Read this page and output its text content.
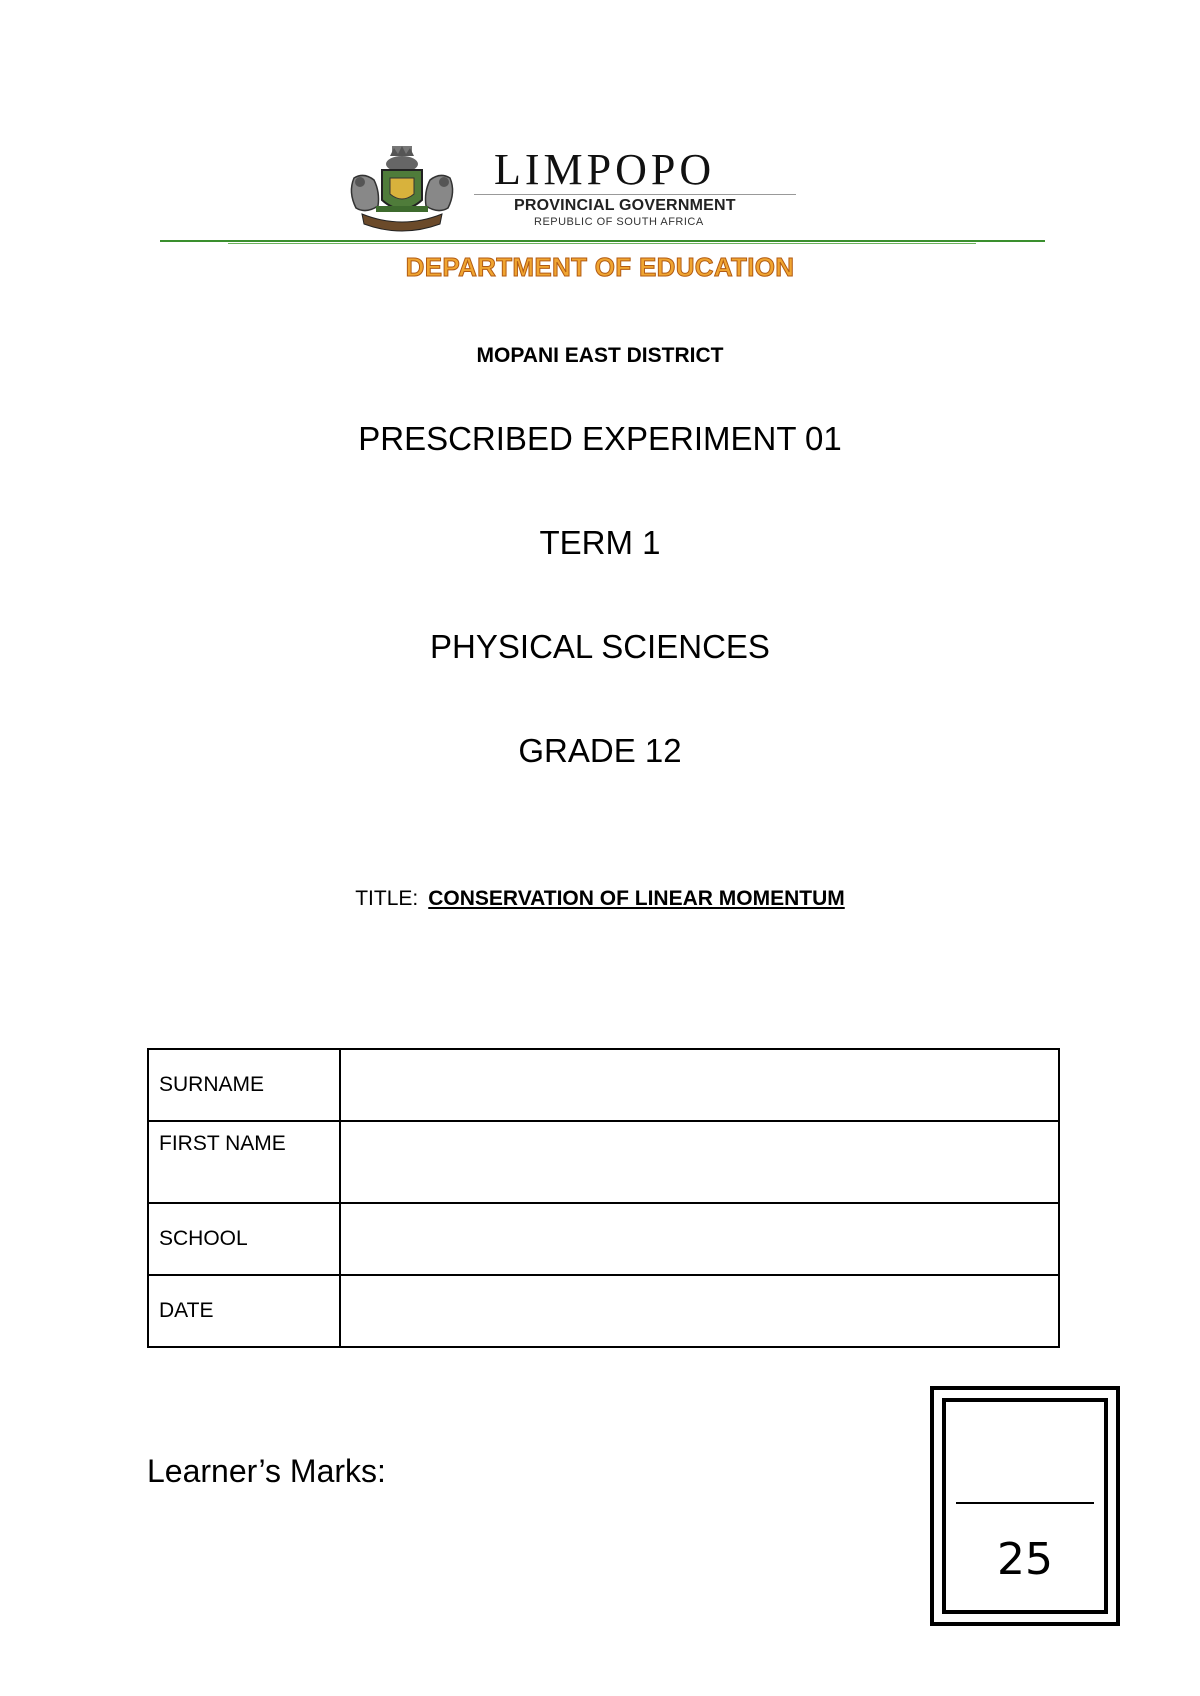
LIMPOPO
PROVINCIAL GOVERNMENT
REPUBLIC OF SOUTH AFRICA
DEPARTMENT OF EDUCATION
MOPANI EAST DISTRICT
PRESCRIBED EXPERIMENT 01
TERM 1
PHYSICAL SCIENCES
GRADE 12
TITLE: CONSERVATION OF LINEAR MOMENTUM
SURNAME	
FIRST NAME	
SCHOOL	
DATE	
Learner’s Marks:
25
